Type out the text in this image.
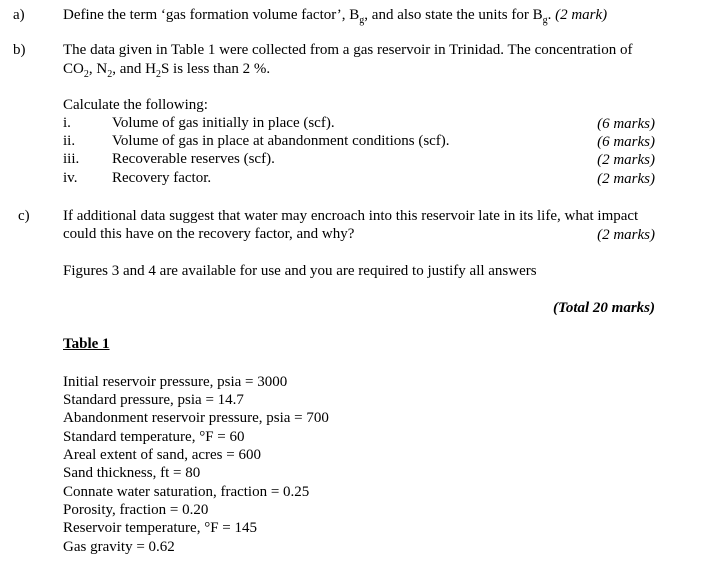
a)	Define the term ‘gas formation volume factor’, $B_g$, and also state the units for $B_g$. (2 mark)
b)	The data given in Table 1 were collected from a gas reservoir in Trinidad. The concentration of
$CO_2$, $N_2$, and $H_2S$ is less than 2 %.
Calculate the following:
i.	Volume of gas initially in place (scf).	(6 marks)
ii. Volume of gas in place at abandonment conditions (scf).	(6 marks)
iii. Recoverable reserves (scf).	(2 marks)
iv. Recovery factor.	(2 marks)
c) If additional data suggest that water may encroach into this reservoir late in its life, what impact
could this have on the recovery factor, and why?	(2 marks)
Figures 3 and 4 are available for use and you are required to justify all answers
(Total 20 marks)
Table 1
Initial reservoir pressure, psia = 3000
Standard pressure, psia = 14.7
Abandonment reservoir pressure, psia = 700
Standard temperature, °F = 60
Areal extent of sand, acres = 600
Sand thickness, ft = 80
Connate water saturation, fraction = 0.25
Porosity, fraction = 0.20
Reservoir temperature, °F = 145
Gas gravity = 0.62
